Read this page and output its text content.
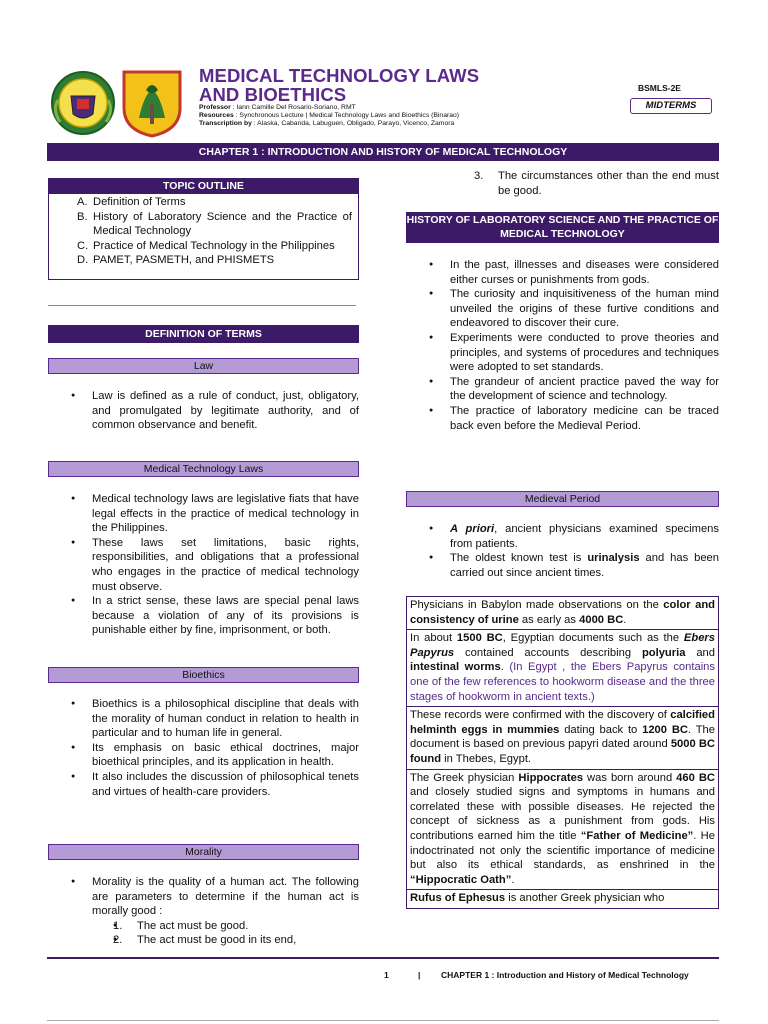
MEDICAL TECHNOLOGY LAWS
AND BIOETHICS
Professor : Iann Camille Del Rosario-Soriano, RMT
Resources : Synchronous Lecture | Medical Technology Laws and Bioethics (Binarao)
Transcription by : Alaska, Cabanda, Labuguen, Obligado, Parayo, Vicenco, Zamora
BSMLS-2E
MIDTERMS
CHAPTER 1 : INTRODUCTION AND HISTORY OF MEDICAL TECHNOLOGY
TOPIC OUTLINE
A. Definition of Terms
B. History of Laboratory Science and the Practice of Medical Technology
C. Practice of Medical Technology in the Philippines
D. PAMET, PASMETH, and PHISMETS
DEFINITION OF TERMS
Law
● Law is defined as a rule of conduct, just, obligatory, and promulgated by legitimate authority, and of common observance and benefit.
Medical Technology Laws
● Medical technology laws are legislative fiats that have legal effects in the practice of medical technology in the Philippines.
● These laws set limitations, basic rights, responsibilities, and obligations that a professional who engages in the practice of medical technology must observe.
● In a strict sense, these laws are special penal laws because a violation of any of its provisions is punishable either by fine, imprisonment, or both.
Bioethics
● Bioethics is a philosophical discipline that deals with the morality of human conduct in relation to health in particular and to human life in general.
● Its emphasis on basic ethical doctrines, major bioethical principles, and its application in health.
● It also includes the discussion of philosophical tenets and virtues of health-care providers.
Morality
● Morality is the quality of a human act. The following are parameters to determine if the human act is morally good :
● 1. The act must be good.
● 2. The act must be good in its end,
3. The circumstances other than the end must be good.
HISTORY OF LABORATORY SCIENCE AND THE PRACTICE OF MEDICAL TECHNOLOGY
● In the past, illnesses and diseases were considered either curses or punishments from gods.
● The curiosity and inquisitiveness of the human mind unveiled the origins of these furtive conditions and endeavored to discover their cure.
● Experiments were conducted to prove theories and principles, and systems of procedures and techniques were adopted to set standards.
● The grandeur of ancient practice paved the way for the development of science and technology.
● The practice of laboratory medicine can be traced back even before the Medieval Period.
Medieval Period
● A priori, ancient physicians examined specimens from patients.
● The oldest known test is urinalysis and has been carried out since ancient times.
Physicians in Babylon made observations on the color and consistency of urine as early as 4000 BC.
In about 1500 BC, Egyptian documents such as the Ebers Papyrus contained accounts describing polyuria and intestinal worms. (In Egypt , the Ebers Papyrus contains one of the few references to hookworm disease and the three stages of hookworm in ancient texts.)
These records were confirmed with the discovery of calcified helminth eggs in mummies dating back to 1200 BC. The document is based on previous papyri dated around 5000 BC found in Thebes, Egypt.
The Greek physician Hippocrates was born around 460 BC and closely studied signs and symptoms in humans and correlated these with possible diseases. He rejected the concept of sickness as a punishment from gods. His contributions earned him the title “Father of Medicine”. He indoctrinated not only the scientific importance of medicine but also its ethical standards, as enshrined in the “Hippocratic Oath”.
Rufus of Ephesus is another Greek physician who
1	| CHAPTER 1 : Introduction and History of Medical Technology
